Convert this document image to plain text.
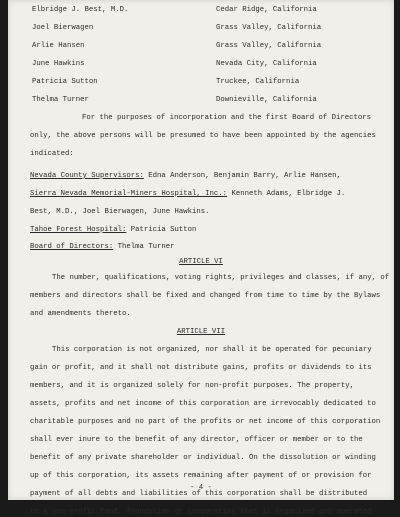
Elbridge J. Best, M.D.	Cedar Ridge, California
Joel Bierwagen	Grass Valley, California
Arlie Hansen	Grass Valley, California
June Hawkins	Nevada City, California
Patricia Sutton	Truckee, California
Thelma Turner	Downieville, California
For the purposes of incorporation and the first Board of Directors
only, the above persons will be presumed to have been appointed by the agencies
indicated:
Nevada County Supervisors: Edna Anderson, Benjamin Barry, Arlie Hansen,
Sierra Nevada Memorial-Miners Hospital, Inc.: Kenneth Adams, Elbridge J.
Best, M.D., Joel Bierwagen, June Hawkins.
Tahoe Forest Hospital: Patricia Sutton
Board of Directors: Thelma Turner
ARTICLE VI
The number, qualifications, voting rights, privileges and classes, if any, of
members and directors shall be fixed and changed from time to time by the Bylaws
and amendments thereto.
ARTICLE VII
This corporation is not organized, nor shall it be operated for pecuniary
gain or profit, and it shall not distribute gains, profits or dividends to its
members, and it is organized solely for non-profit purposes. The property,
assets, profits and net income of this corporation are irrevocably dedicated to
charitable purposes and no part of the profits or net income of this corporation
shall ever inure to the benefit of any director, officer or member or to the
benefit of any private shareholder or individual. On the dissolution or winding
up of this corporation, its assets remaining after payment of or provision for
payment of all debts and liabilities of this corporation shall be distributed
to a non-profit fund, foundation or corporation that is organized and operated
- 4 -
